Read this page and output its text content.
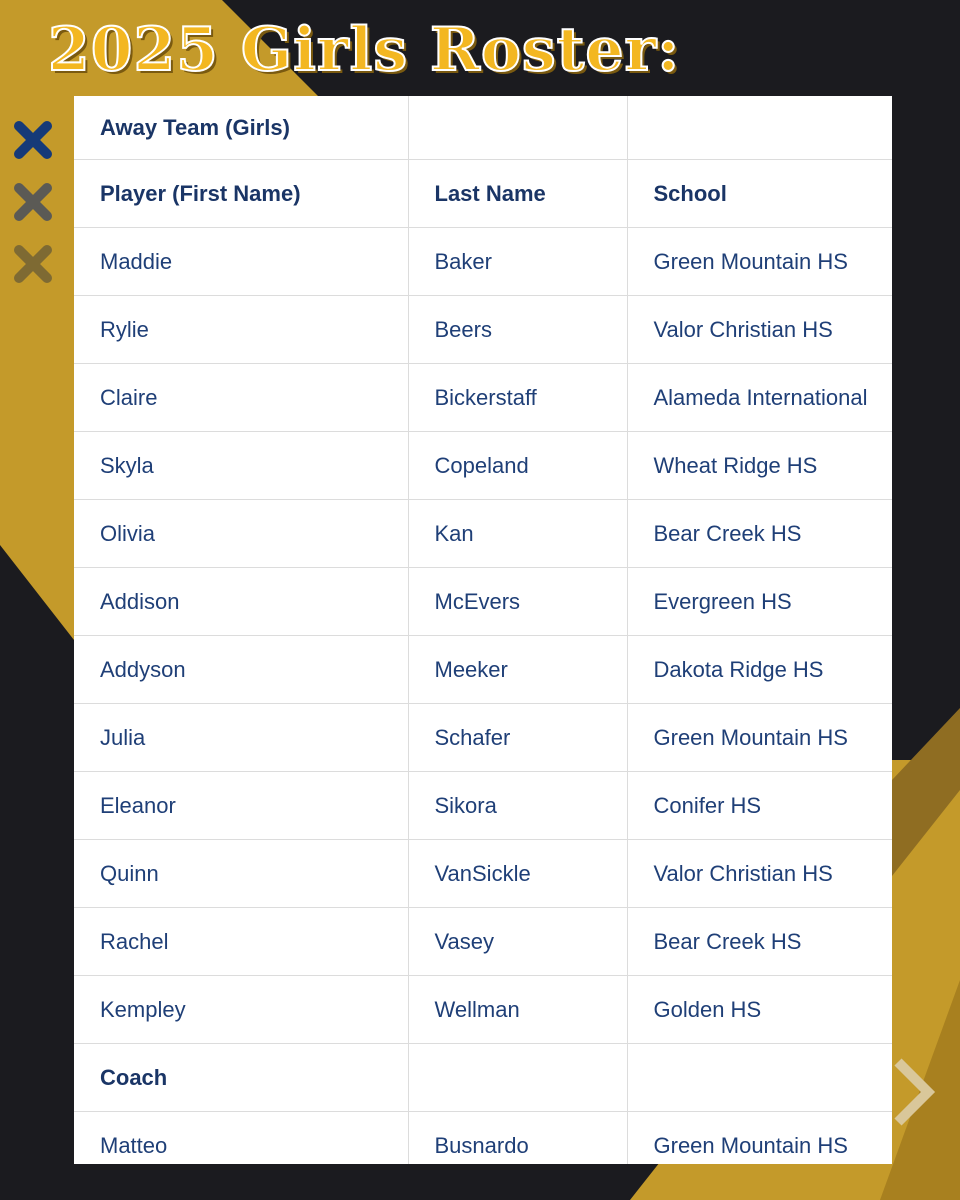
2025 Girls Roster:
Away Team (Girls)		
Player (First Name)	Last Name	School
Maddie	Baker	Green Mountain HS
Rylie	Beers	Valor Christian HS
Claire	Bickerstaff	Alameda International
Skyla	Copeland	Wheat Ridge HS
Olivia	Kan	Bear Creek HS
Addison	McEvers	Evergreen HS
Addyson	Meeker	Dakota Ridge HS
Julia	Schafer	Green Mountain HS
Eleanor	Sikora	Conifer HS
Quinn	VanSickle	Valor Christian HS
Rachel	Vasey	Bear Creek HS
Kempley	Wellman	Golden HS
Coach		
Matteo	Busnardo	Green Mountain HS
